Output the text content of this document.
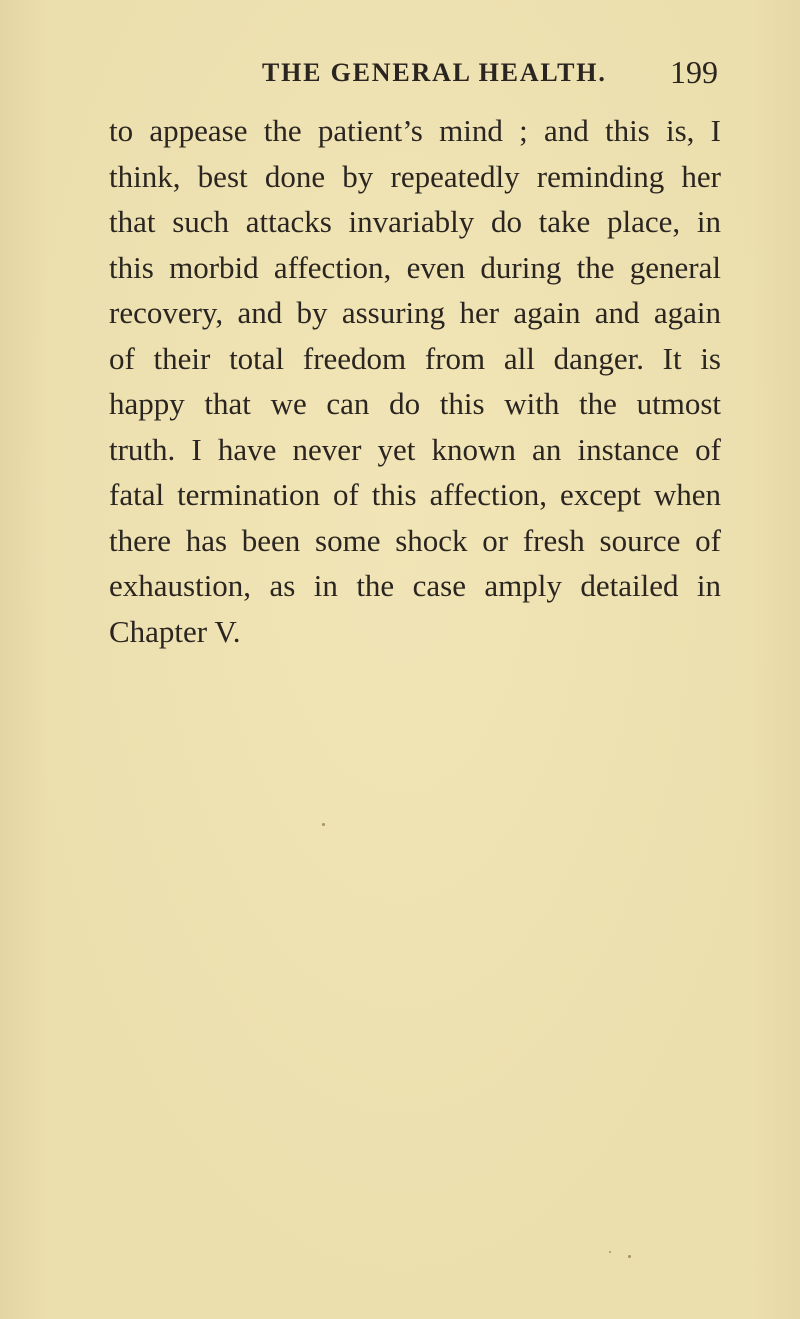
THE GENERAL HEALTH. 199
to appease the patient’s mind ; and this is, I
think, best done by repeatedly reminding her
that such attacks invariably do take place, in
this morbid affection, even during the general
recovery, and by assuring her again and again
of their total freedom from all danger. It is
happy that we can do this with the utmost
truth. I have never yet known an instance of
fatal termination of this affection, except when
there has been some shock or fresh source of
exhaustion, as in the case amply detailed in
Chapter V.
